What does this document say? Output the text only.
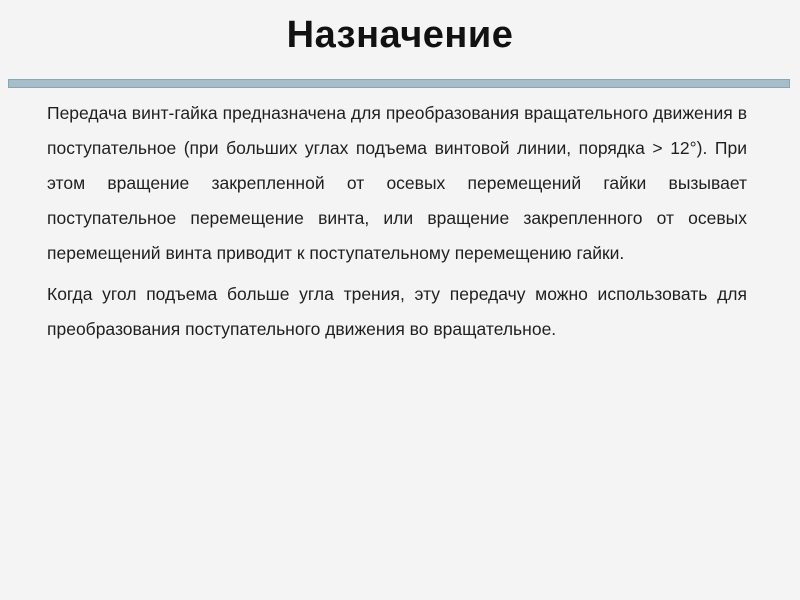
Назначение

Передача винт-гайка предназначена для преобразования вращательного движения в поступательное (при больших углах подъема винтовой линии, порядка > 12°). При этом вращение закрепленной от осевых перемещений гайки вызывает поступательное перемещение винта, или вращение закрепленного от осевых перемещений винта приводит к поступательному перемещению гайки.

Когда угол подъема больше угла трения, эту передачу можно использовать для преобразования поступательного движения во вращательное.
